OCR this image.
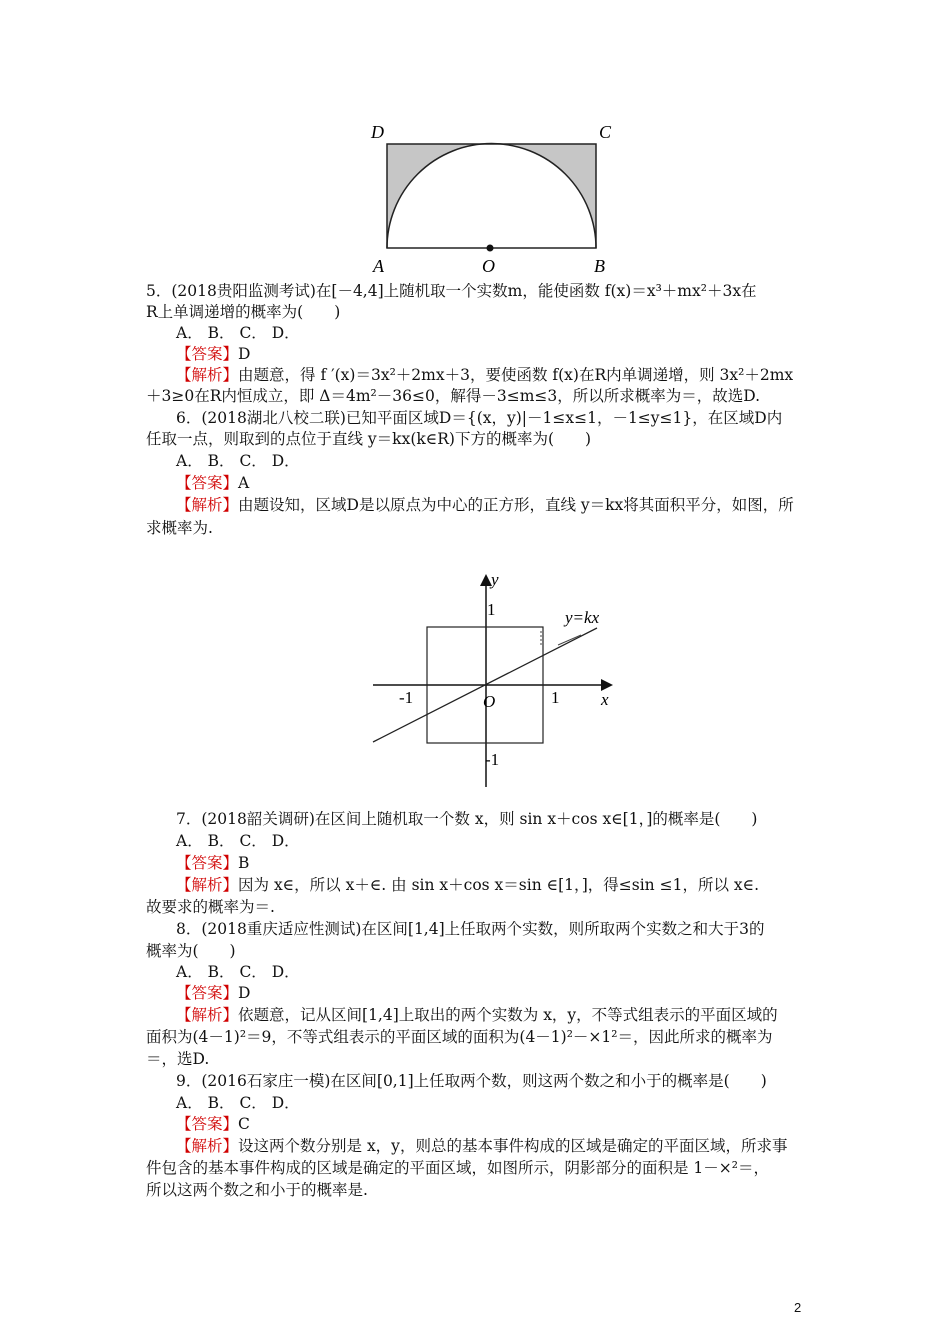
D	C
A	O	B
5．(2018贵阳监测考试)在[－4,4]上随机取一个实数m，能使函数 f(x)＝x³＋mx²＋3x在
R上单调递增的概率为(　　)
A． B． C． D．
【答案】D
【解析】由题意，得 f ′(x)＝3x²＋2mx＋3，要使函数 f(x)在R内单调递增，则 3x²＋2mx
＋3≥0在R内恒成立，即 Δ＝4m²－36≤0，解得－3≤m≤3，所以所求概率为＝，故选D.
6．(2018湖北八校二联)已知平面区域D＝{(x，y)|－1≤x≤1，－1≤y≤1}，在区域D内
任取一点，则取到的点位于直线 y＝kx(k∈R)下方的概率为(　　)
A． B． C． D．
【答案】A
【解析】由题设知，区域D是以原点为中心的正方形，直线 y＝kx将其面积平分，如图，所
求概率为.
y
x
O
1
-1
1
-1
y=kx
7．(2018韶关调研)在区间上随机取一个数 x，则 sin x＋cos x∈[1，]的概率是(　　)
A． B． C． D．
【答案】B
【解析】因为 x∈，所以 x＋∈. 由 sin x＋cos x＝sin ∈[1，]，得≤sin ≤1，所以 x∈.
故要求的概率为＝.
8．(2018重庆适应性测试)在区间[1,4]上任取两个实数，则所取两个实数之和大于3的
概率为(　　)
A． B． C． D．
【答案】D
【解析】依题意，记从区间[1,4]上取出的两个实数为 x，y，不等式组表示的平面区域的
面积为(4－1)²＝9，不等式组表示的平面区域的面积为(4－1)²－×1²＝，因此所求的概率为
＝，选D.
9．(2016石家庄一模)在区间[0,1]上任取两个数，则这两个数之和小于的概率是(　　)
A． B． C． D．
【答案】C
【解析】设这两个数分别是 x，y，则总的基本事件构成的区域是确定的平面区域，所求事
件包含的基本事件构成的区域是确定的平面区域，如图所示，阴影部分的面积是 1－×²＝，
所以这两个数之和小于的概率是.
2
